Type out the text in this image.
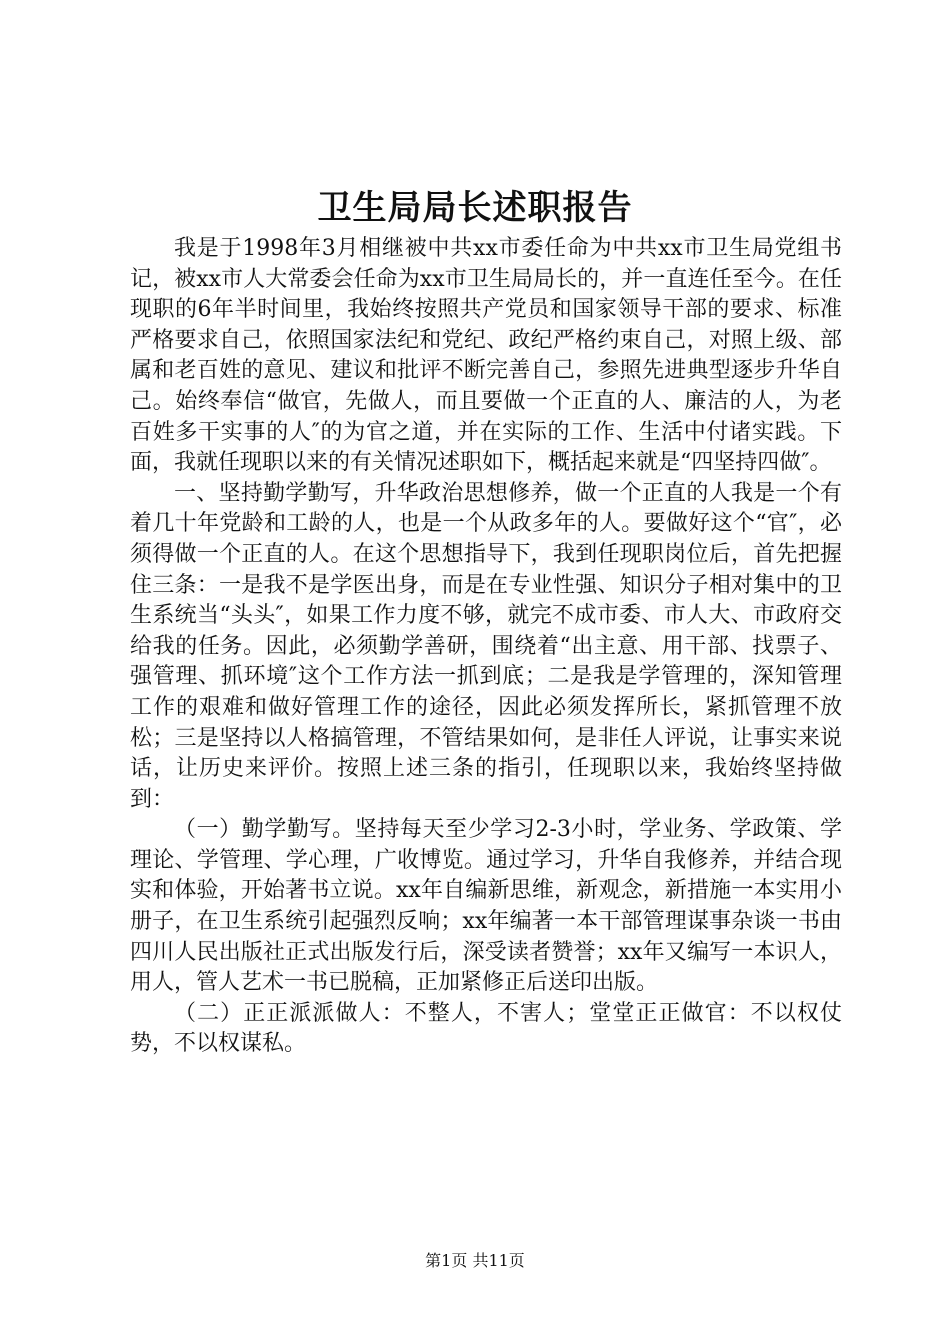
卫生局局长述职报告

我是于1998年3月相继被中共xx市委任命为中共xx市卫生局党组书记，被xx市人大常委会任命为xx市卫生局局长的，并一直连任至今。在任现职的6年半时间里，我始终按照共产党员和国家领导干部的要求、标准严格要求自己，依照国家法纪和党纪、政纪严格约束自己，对照上级、部属和老百姓的意见、建议和批评不断完善自己，参照先进典型逐步升华自己。始终奉信“做官，先做人，而且要做一个正直的人、廉洁的人，为老百姓多干实事的人″的为官之道，并在实际的工作、生活中付诸实践。下面，我就任现职以来的有关情况述职如下，概括起来就是“四坚持四做″。

一、坚持勤学勤写，升华政治思想修养，做一个正直的人我是一个有着几十年党龄和工龄的人，也是一个从政多年的人。要做好这个“官″，必须得做一个正直的人。在这个思想指导下，我到任现职岗位后，首先把握住三条：一是我不是学医出身，而是在专业性强、知识分子相对集中的卫生系统当“头头″，如果工作力度不够，就完不成市委、市人大、市政府交给我的任务。因此，必须勤学善研，围绕着“出主意、用干部、找票子、强管理、抓环境″这个工作方法一抓到底；二是我是学管理的，深知管理工作的艰难和做好管理工作的途径，因此必须发挥所长，紧抓管理不放松；三是坚持以人格搞管理，不管结果如何，是非任人评说，让事实来说话，让历史来评价。按照上述三条的指引，任现职以来，我始终坚持做到：

（一）勤学勤写。坚持每天至少学习2-3小时，学业务、学政策、学理论、学管理、学心理，广收博览。通过学习，升华自我修养，并结合现实和体验，开始著书立说。xx年自编新思维，新观念，新措施一本实用小册子，在卫生系统引起强烈反响；xx年编著一本干部管理谋事杂谈一书由四川人民出版社正式出版发行后，深受读者赞誉；xx年又编写一本识人，用人，管人艺术一书已脱稿，正加紧修正后送印出版。

（二）正正派派做人：不整人，不害人；堂堂正正做官：不以权仗势，不以权谋私。

第1页 共11页
